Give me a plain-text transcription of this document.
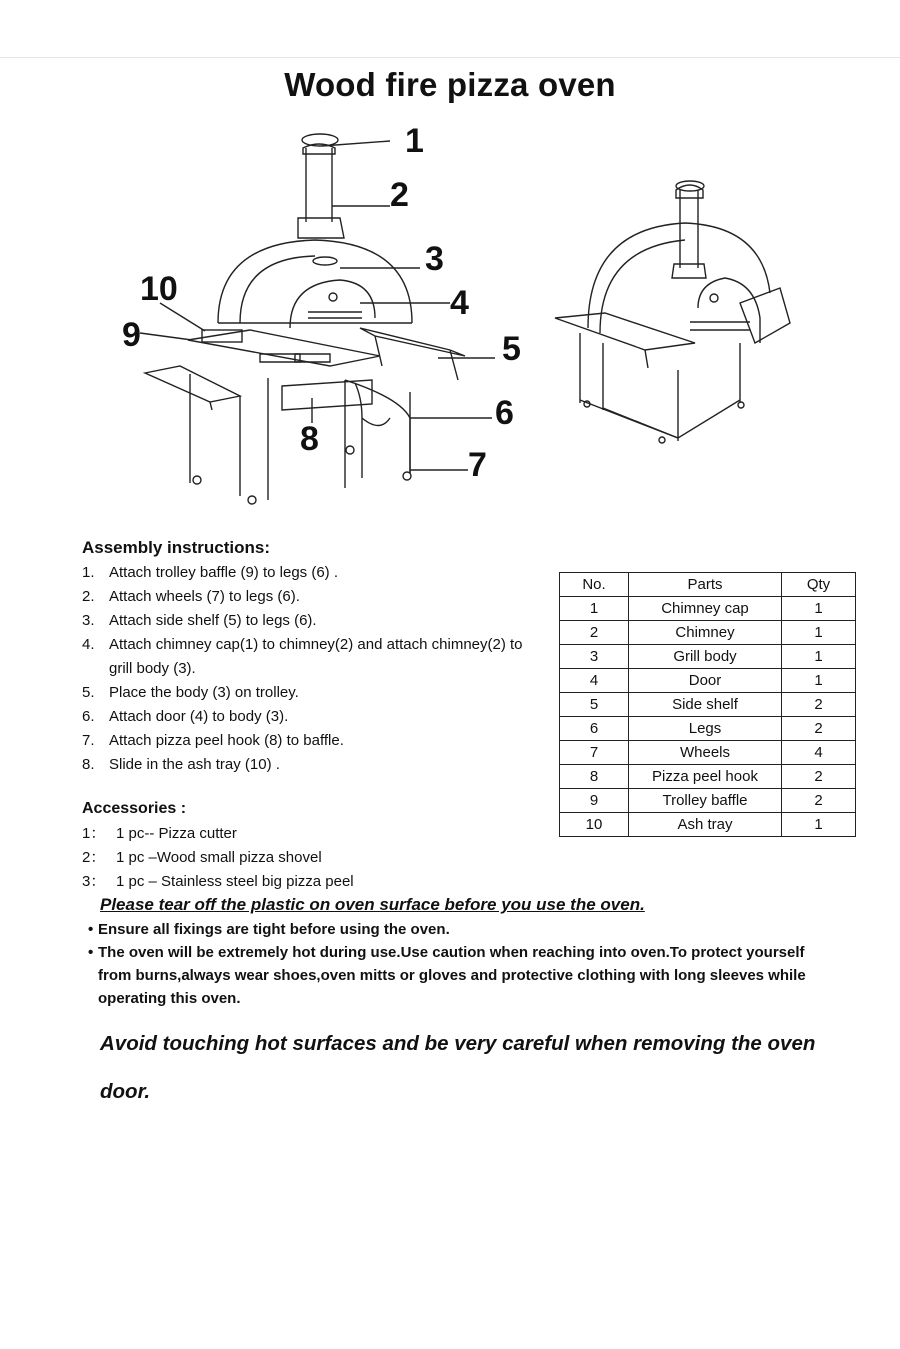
Wood fire pizza oven
1
2
3
4
5
6
7
8
9
10
Assembly instructions:
1. Attach trolley baffle (9) to legs (6) .
2. Attach wheels (7) to legs (6).
3. Attach side shelf (5) to legs (6).
4. Attach chimney cap(1) to chimney(2) and attach chimney(2) to grill body (3).
5. Place the body (3) on trolley.
6. Attach door (4) to body (3).
7. Attach pizza peel hook (8) to baffle.
8. Slide in the ash tray (10) .
Accessories :
1： 1 pc-- Pizza cutter
2： 1 pc –Wood small pizza shovel
3： 1 pc – Stainless steel big pizza peel
No.	Parts	Qty
1	Chimney cap	1
2	Chimney	1
3	Grill body	1
4	Door	1
5	Side shelf	2
6	Legs	2
7	Wheels	4
8	Pizza peel hook	2
9	Trolley baffle	2
10	Ash tray	1
Please tear off the plastic on oven surface before you use the oven.
• Ensure all fixings are tight before using the oven.
• The oven will be extremely hot during use.Use caution when reaching into oven.To protect yourself from burns,always wear shoes,oven mitts or gloves and protective clothing with long sleeves while operating this oven.
Avoid touching hot surfaces and be very careful when removing the oven door.
